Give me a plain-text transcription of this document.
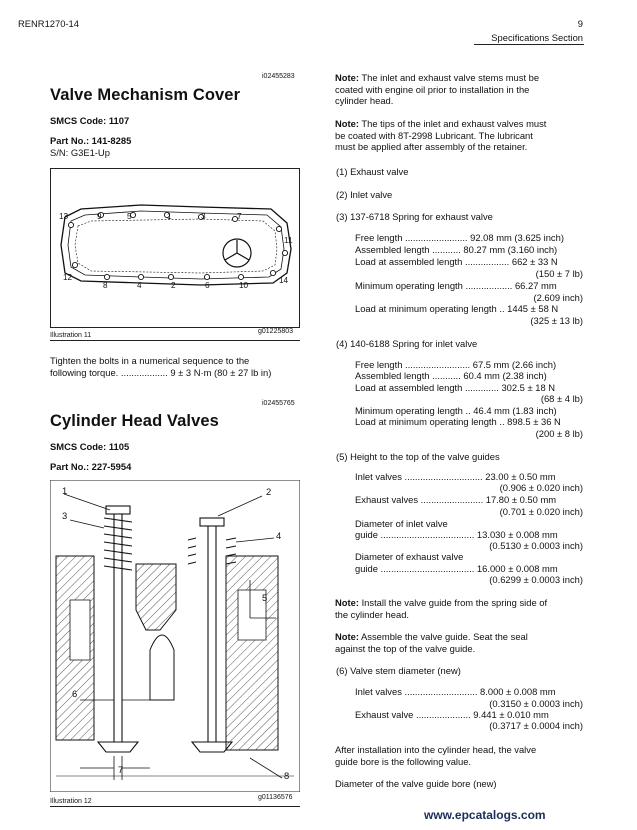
RENR1270-14	9
Specifications Section
i02455283
Valve Mechanism Cover
SMCS Code: 1107
Part No.: 141-8285
S/N: G3E1-Up
13	9	5	1	3	7
11
12
8	4	2	6	10
14
Illustration 11
g01225803
Tighten the bolts in a numerical sequence to the
following torque. .................. 9 ± 3 N·m (80 ± 27 lb in)
i02455765
Cylinder Head Valves
SMCS Code: 1105
Part No.: 227-5954
1	2
3
4
5
6
7
8
Illustration 12
g01136576
Note: The inlet and exhaust valve stems must be
coated with engine oil prior to installation in the
cylinder head.
Note: The tips of the inlet and exhaust valves must
be coated with 8T-2998 Lubricant. The lubricant
must be applied after assembly of the retainer.
(1) Exhaust valve
(2) Inlet valve
(3) 137-6718 Spring for exhaust valve
Free length ........................ 92.08 mm (3.625 inch)
Assembled length ........... 80.27 mm (3.160 inch)
Load at assembled length ................. 662 ± 33 N
(150 ± 7 lb)
Minimum operating length .................. 66.27 mm
(2.609 inch)
Load at minimum operating length .. 1445 ± 58 N
(325 ± 13 lb)
(4) 140-6188 Spring for inlet valve
Free length ......................... 67.5 mm (2.66 inch)
Assembled length ........... 60.4 mm (2.38 inch)
Load at assembled length ............. 302.5 ± 18 N
(68 ± 4 lb)
Minimum operating length .. 46.4 mm (1.83 inch)
Load at minimum operating length .. 898.5 ± 36 N
(200 ± 8 lb)
(5) Height to the top of the valve guides
Inlet valves .............................. 23.00 ± 0.50 mm
(0.906 ± 0.020 inch)
Exhaust valves ........................ 17.80 ± 0.50 mm
(0.701 ± 0.020 inch)
Diameter of inlet valve
guide .................................... 13.030 ± 0.008 mm
(0.5130 ± 0.0003 inch)
Diameter of exhaust valve
guide .................................... 16.000 ± 0.008 mm
(0.6299 ± 0.0003 inch)
Note: Install the valve guide from the spring side of
the cylinder head.
Note: Assemble the valve guide. Seat the seal
against the top of the valve guide.
(6) Valve stem diameter (new)
Inlet valves ............................ 8.000 ± 0.008 mm
(0.3150 ± 0.0003 inch)
Exhaust valve ..................... 9.441 ± 0.010 mm
(0.3717 ± 0.0004 inch)
After installation into the cylinder head, the valve
guide bore is the following value.
Diameter of the valve guide bore (new)
www.epcatalogs.com
